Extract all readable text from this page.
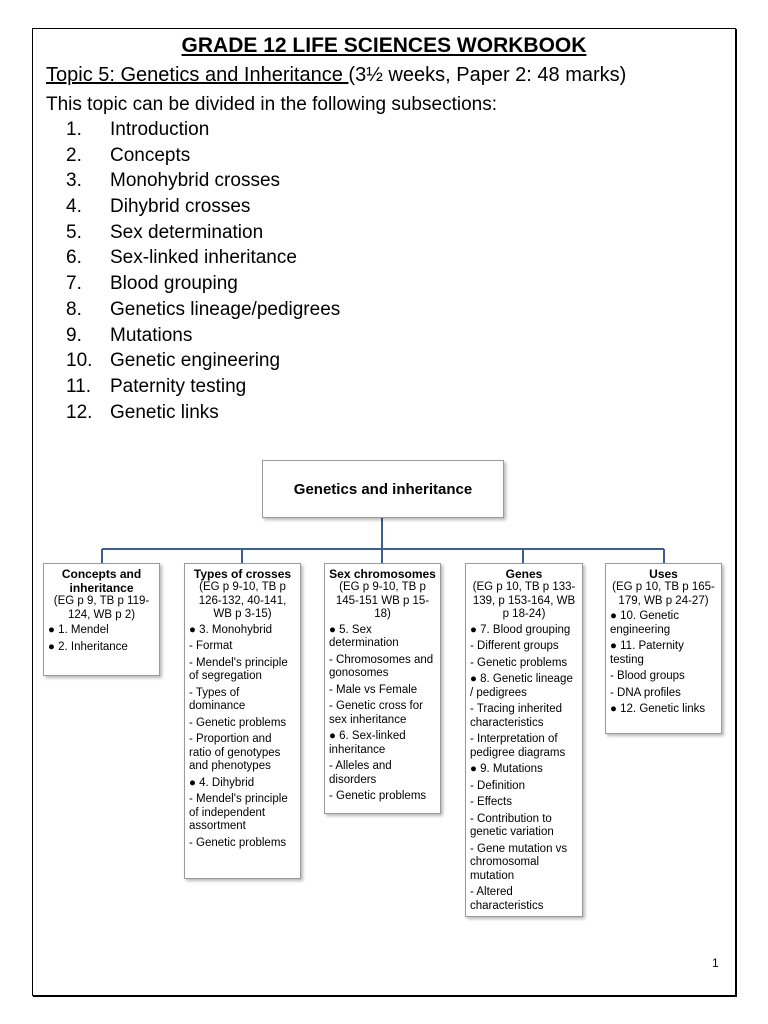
GRADE 12 LIFE SCIENCES WORKBOOK
Topic 5: Genetics and Inheritance (3½ weeks, Paper 2: 48 marks)
This topic can be divided in the following subsections:
1. Introduction
2. Concepts
3. Monohybrid crosses
4. Dihybrid crosses
5. Sex determination
6. Sex-linked inheritance
7. Blood grouping
8. Genetics lineage/pedigrees
9. Mutations
10. Genetic engineering
11. Paternity testing
12. Genetic links
Genetics and inheritance
Concepts and inheritance
(EG p 9, TB p 119-124, WB p 2)
● 1. Mendel
● 2. Inheritance
Types of crosses
(EG p 9-10, TB p 126-132, 40-141, WB p 3-15)
● 3. Monohybrid
- Format
- Mendel's principle of segregation
- Types of dominance
- Genetic problems
- Proportion and ratio of genotypes and phenotypes
● 4. Dihybrid
- Mendel's principle of independent assortment
- Genetic problems
Sex chromosomes
(EG p 9-10, TB p 145-151 WB p 15-18)
● 5. Sex determination
- Chromosomes and gonosomes
- Male vs Female
- Genetic cross for sex inheritance
● 6. Sex-linked inheritance
- Alleles and disorders
- Genetic problems
Genes
(EG p 10, TB p 133-139, p 153-164, WB p 18-24)
● 7. Blood grouping
- Different groups
- Genetic problems
● 8. Genetic lineage / pedigrees
- Tracing inherited characteristics
- Interpretation of pedigree diagrams
● 9. Mutations
- Definition
- Effects
- Contribution to genetic variation
- Gene mutation vs chromosomal mutation
- Altered characteristics
Uses
(EG p 10, TB p 165-179, WB p 24-27)
● 10. Genetic engineering
● 11. Paternity testing
- Blood groups
- DNA profiles
● 12. Genetic links
1
